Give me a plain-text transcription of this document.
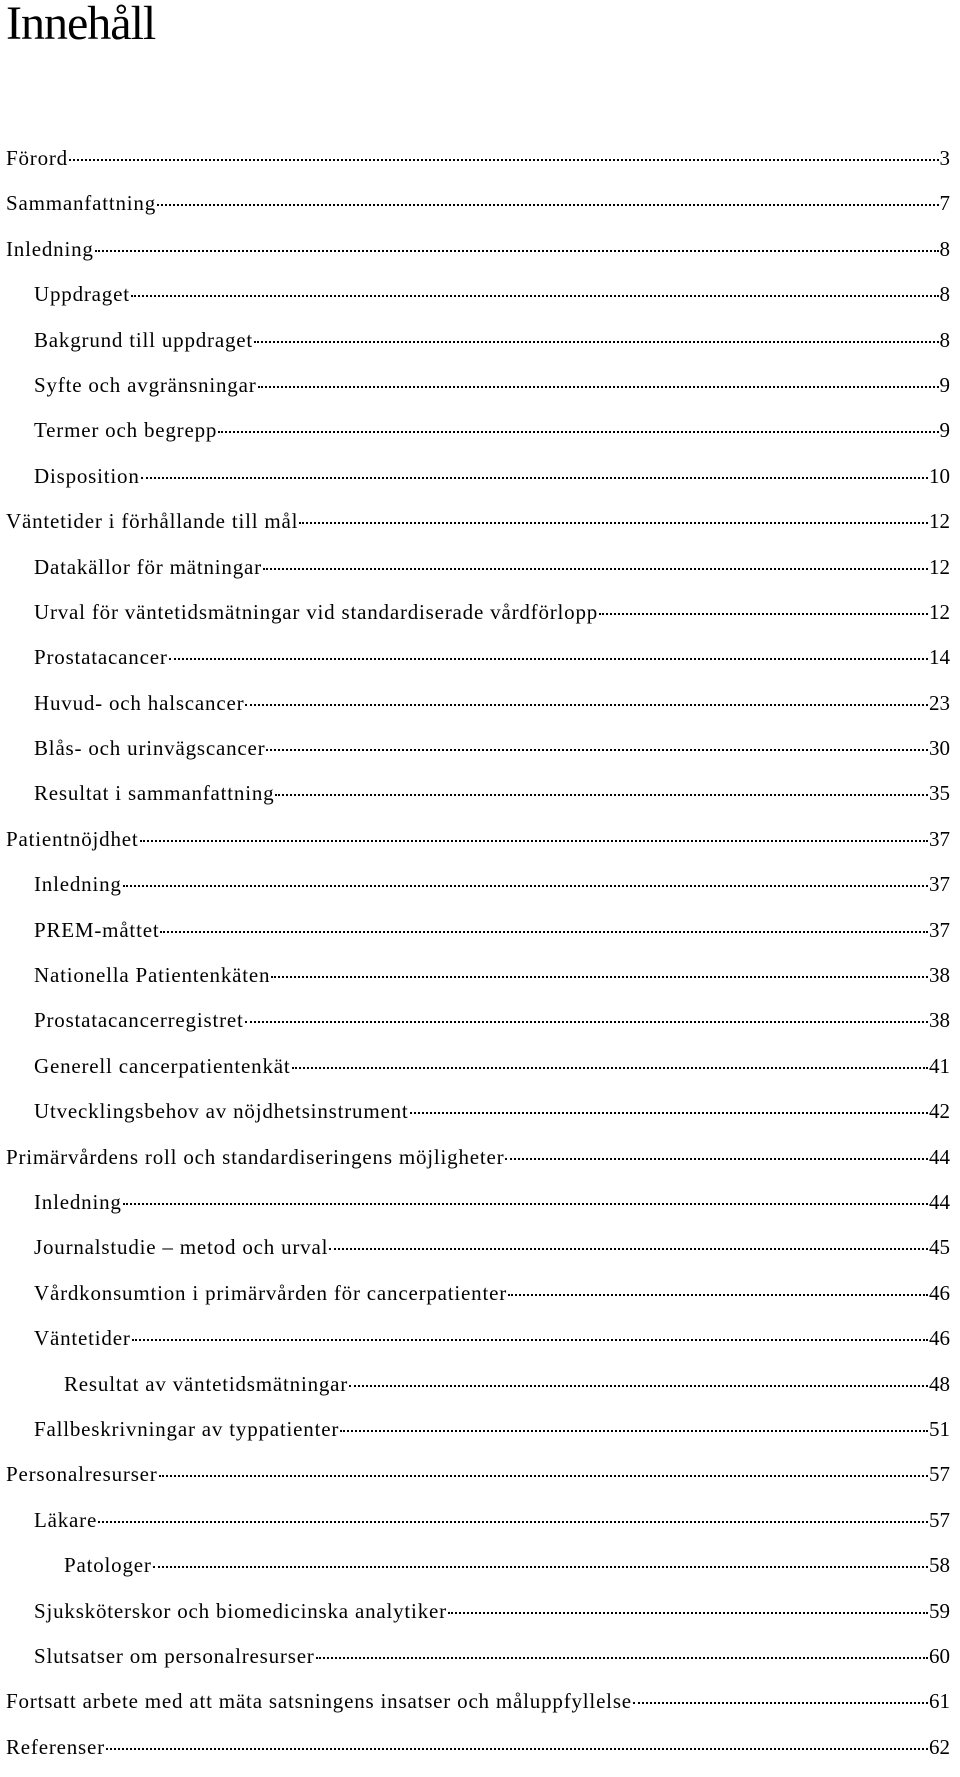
Innehåll
Förord	3
Sammanfattning	7
Inledning	8
Uppdraget	8
Bakgrund till uppdraget	8
Syfte och avgränsningar	9
Termer och begrepp	9
Disposition	10
Väntetider i förhållande till mål	12
Datakällor för mätningar	12
Urval för väntetidsmätningar vid standardiserade vårdförlopp	12
Prostatacancer	14
Huvud- och halscancer	23
Blås- och urinvägscancer	30
Resultat i sammanfattning	35
Patientnöjdhet	37
Inledning	37
PREM-måttet	37
Nationella Patientenkäten	38
Prostatacancerregistret	38
Generell cancerpatientenkät	41
Utvecklingsbehov av nöjdhetsinstrument	42
Primärvårdens roll och standardiseringens möjligheter	44
Inledning	44
Journalstudie – metod och urval	45
Vårdkonsumtion i primärvården för cancerpatienter	46
Väntetider	46
Resultat av väntetidsmätningar	48
Fallbeskrivningar av typpatienter	51
Personalresurser	57
Läkare	57
Patologer	58
Sjuksköterskor och biomedicinska analytiker	59
Slutsatser om personalresurser	60
Fortsatt arbete med att mäta satsningens insatser och måluppfyllelse	61
Referenser	62
